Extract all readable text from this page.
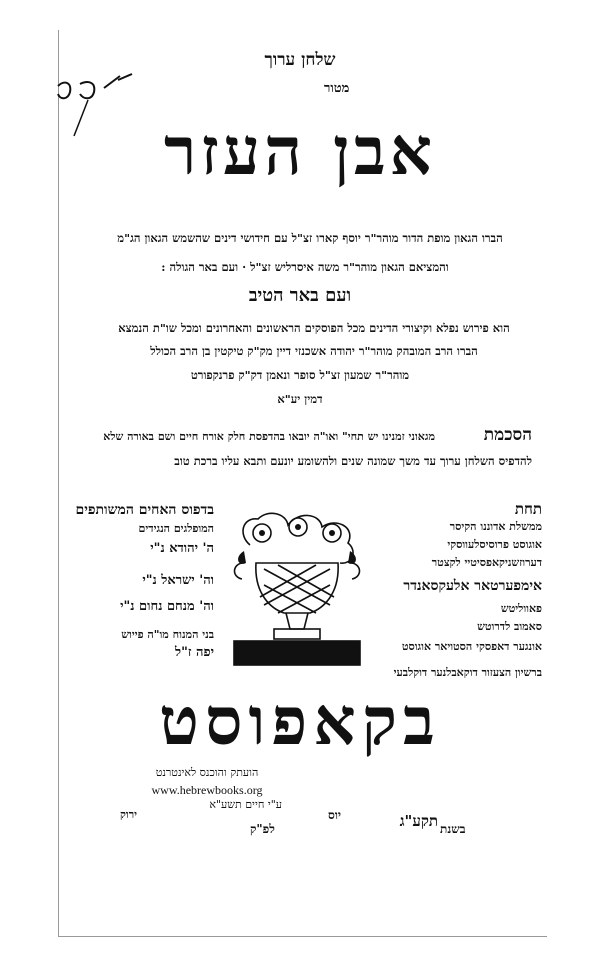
שלחן ערוך
מטור
אבן העזר
הברו הגאון מופת הדור מוהר"ר יוסף קארו זצ"ל עם חידושי דינים שהשמש הגאון הג"מ
והמציאם הגאון מוהר"ר משה איסרליש זצ"ל · ועם באר הגולה :
ועם באר הטיב
הוא פירוש נפלא וקיצורי הדינים מכל הפוסקים הראשונים והאחרונים ומכל שו"ת הנמצא
הברו הרב המובהק מוהר"ר יהודה אשכנזי דיין מק"ק טיקטין בן הרב הכולל
מוהר"ר שמעון זצ"ל סופר ונאמן דק"ק פרנקפורט
דמין יע"א
הסכמת
מגאוני זמנינו יש תחי" ואו"ה יובאו בהדפסת חלק אורח חיים ושם באורה שלא
להדפיס השלחן ערוך עד משך שמונה שנים ולהשומע יונעם ותבא עליו ברכת טוב
תחת
ממשלת אדוננו הקיסר
אוגוסט פרוסיסלעווסקי
דערוזשניקאפסיטיי לקצטר
אימפערטאר אלעקסאנדר
פאווליטש
סאמוב לדרוטש
אונגער דאפסקי הסטויאר אוגוסט
ברשיון הצעזור דוקאבלנער דוקלבעי
בדפוס האחים המשותפים
המופלגים הנגידים
ה' יהודא נ"י
וה' ישראל נ"י
וה' מנחם נחום נ"י
בני המנוח מו"ה פייוש
יפה ז"ל
בקאפוסט
הועתק והוכנס לאינטרנט
www.hebrewbooks.org
ע"י חיים תשע"א
ירוק	יוס
בשנת
תקע"ג
לפ"ק
